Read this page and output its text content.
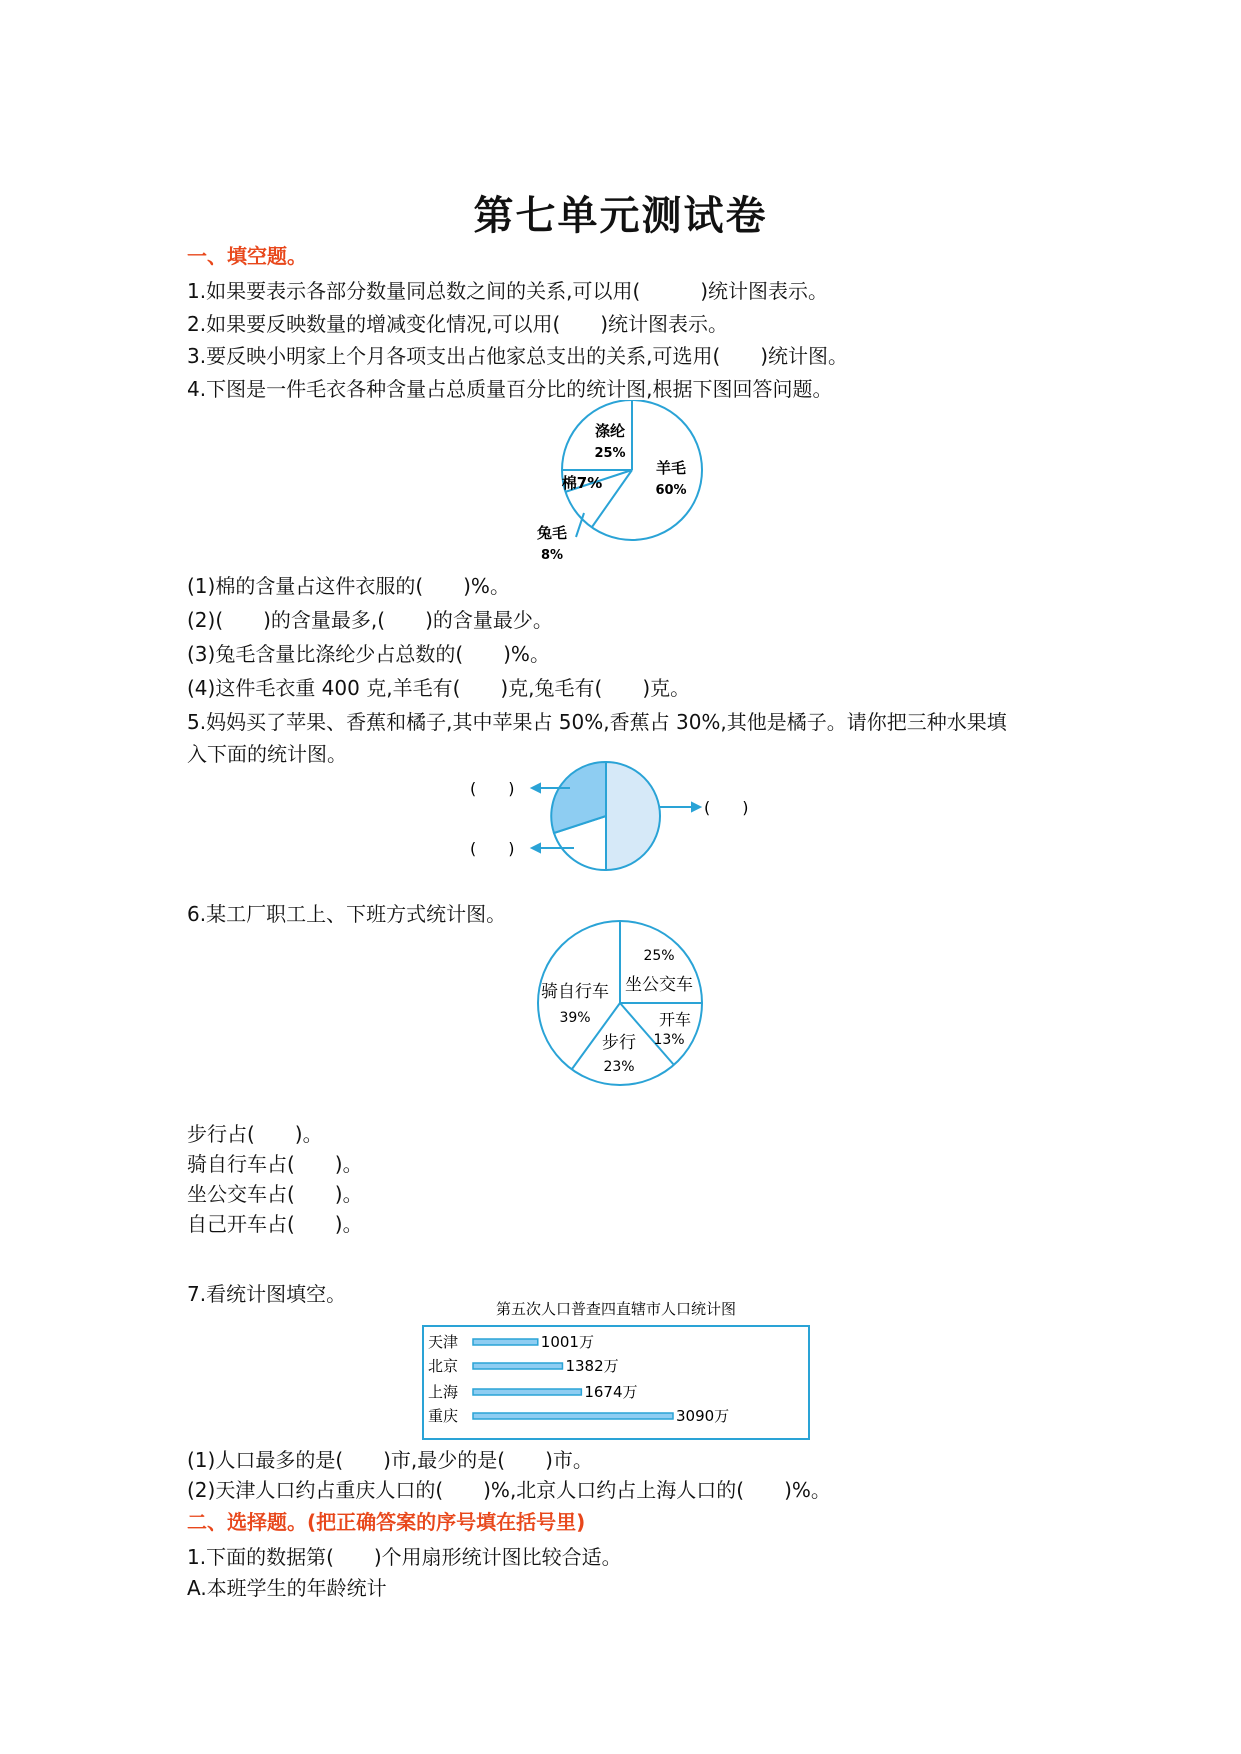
第七单元测试卷
一、填空题。
1.如果要表示各部分数量同总数之间的关系,可以用(　　　)统计图表示。
2.如果要反映数量的增减变化情况,可以用(　　)统计图表示。
3.要反映小明家上个月各项支出占他家总支出的关系,可选用(　　)统计图。
4.下图是一件毛衣各种含量占总质量百分比的统计图,根据下图回答问题。
涤纶
25%
棉7%
羊毛
60%
兔毛
8%
(1)棉的含量占这件衣服的(　　)%。
(2)(　　)的含量最多,(　　)的含量最少。
(3)兔毛含量比涤纶少占总数的(　　)%。
(4)这件毛衣重 400 克,羊毛有(　　)克,兔毛有(　　)克。
5.妈妈买了苹果、香蕉和橘子,其中苹果占 50%,香蕉占 30%,其他是橘子。请你把三种水果填
入下面的统计图。
(　　)
(　　)
(　　)
6.某工厂职工上、下班方式统计图。
25%
坐公交车
开车
13%
骑自行车
39%
步行
23%
步行占(　　)。
骑自行车占(　　)。
坐公交车占(　　)。
自己开车占(　　)。
7.看统计图填空。
第五次人口普查四直辖市人口统计图
天津	1001万
北京	1382万
上海	1674万
重庆	3090万
(1)人口最多的是(　　)市,最少的是(　　)市。
(2)天津人口约占重庆人口的(　　)%,北京人口约占上海人口的(　　)%。
二、选择题。(把正确答案的序号填在括号里)
1.下面的数据第(　　)个用扇形统计图比较合适。
A.本班学生的年龄统计
